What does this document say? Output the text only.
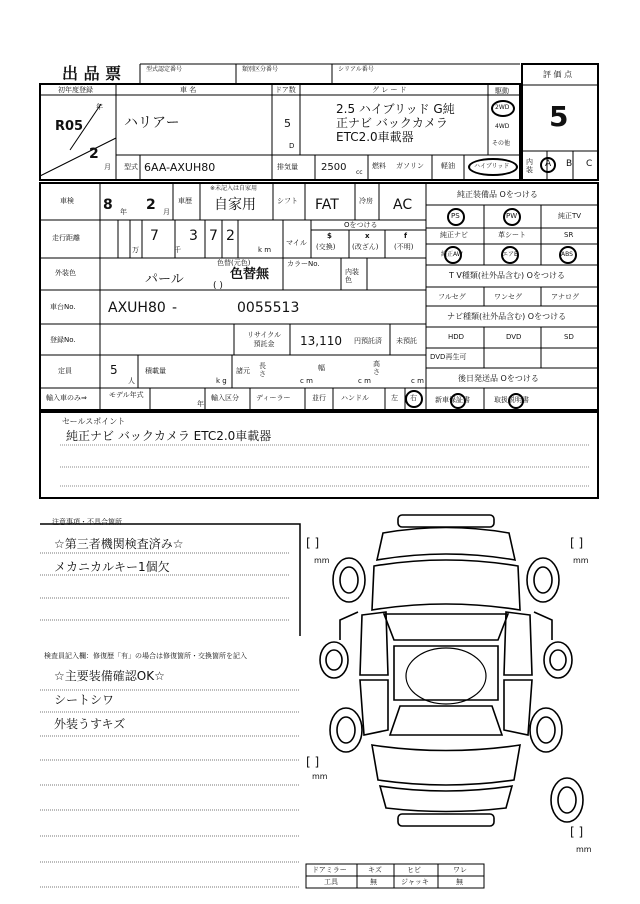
出 品 票	型式認定番号	類別区分番号	シリアル番号
評 価 点
5
初年度登録
年
R05
2
月
車 名
ハリアー
ドア数
5
D
グ レ ー ド
2.5 ハイブリッド G純
正ナビ バックカメラ
ETC2.0車載器
駆動
2WD
4WD
その他
型式 6AA-AXUH80	排気量 2500 cc
燃料 ガソリン 軽油	ハイブリッド
内装
A B C
車検 8 年 2 月
車歴
※未記入は自家用
自家用	シフト FAT	冷房 AC
走行距離
万	千	k m
7 3 7 2	マイル
Oをつける
$
(交換)
x
(改ざん)
f
(不明)
外装色	パール
色替(元色)
色替無
( )
カラーNo.
内装色
車台No. AXUH80 -	0055513
登録No.
リサイクル預託金	13,110 円預託済 未預託
定員	5
人
積載量
k g
諸元
長さ
c m
幅
c m
高さ
c m
輸入車のみ⇒	モデル年式
年
輸入区分 ディーラー	並行 ハンドル	左 右
純正装備品 Oをつける
PS	PW	純正TV
純正ナビ	革シート	SR
純正AW	エアB	ABS
T V種類(社外品含む) Oをつける
フルセグ	ワンセグ	アナログ
ナビ種類(社外品含む) Oをつける
HDD	DVD	SD
DVD再生可
後日発送品 Oをつける
新車保証書	取扱説明書
セールスポイント
純正ナビ バックカメラ ETC2.0車載器
注意事項・不具合箇所
☆第三者機関検査済み☆
メカニカルキー1個欠
検査員記入欄：修復歴「有」の場合は修復箇所・交換箇所を記入
☆主要装備確認OK☆
シートシワ
外装うすキズ
[ ]
mm
[ ]
mm
[ ]
mm
[ ]
mm
ドアミラー	キズ	ヒビ	ワレ
工具	無	ジャッキ	無
